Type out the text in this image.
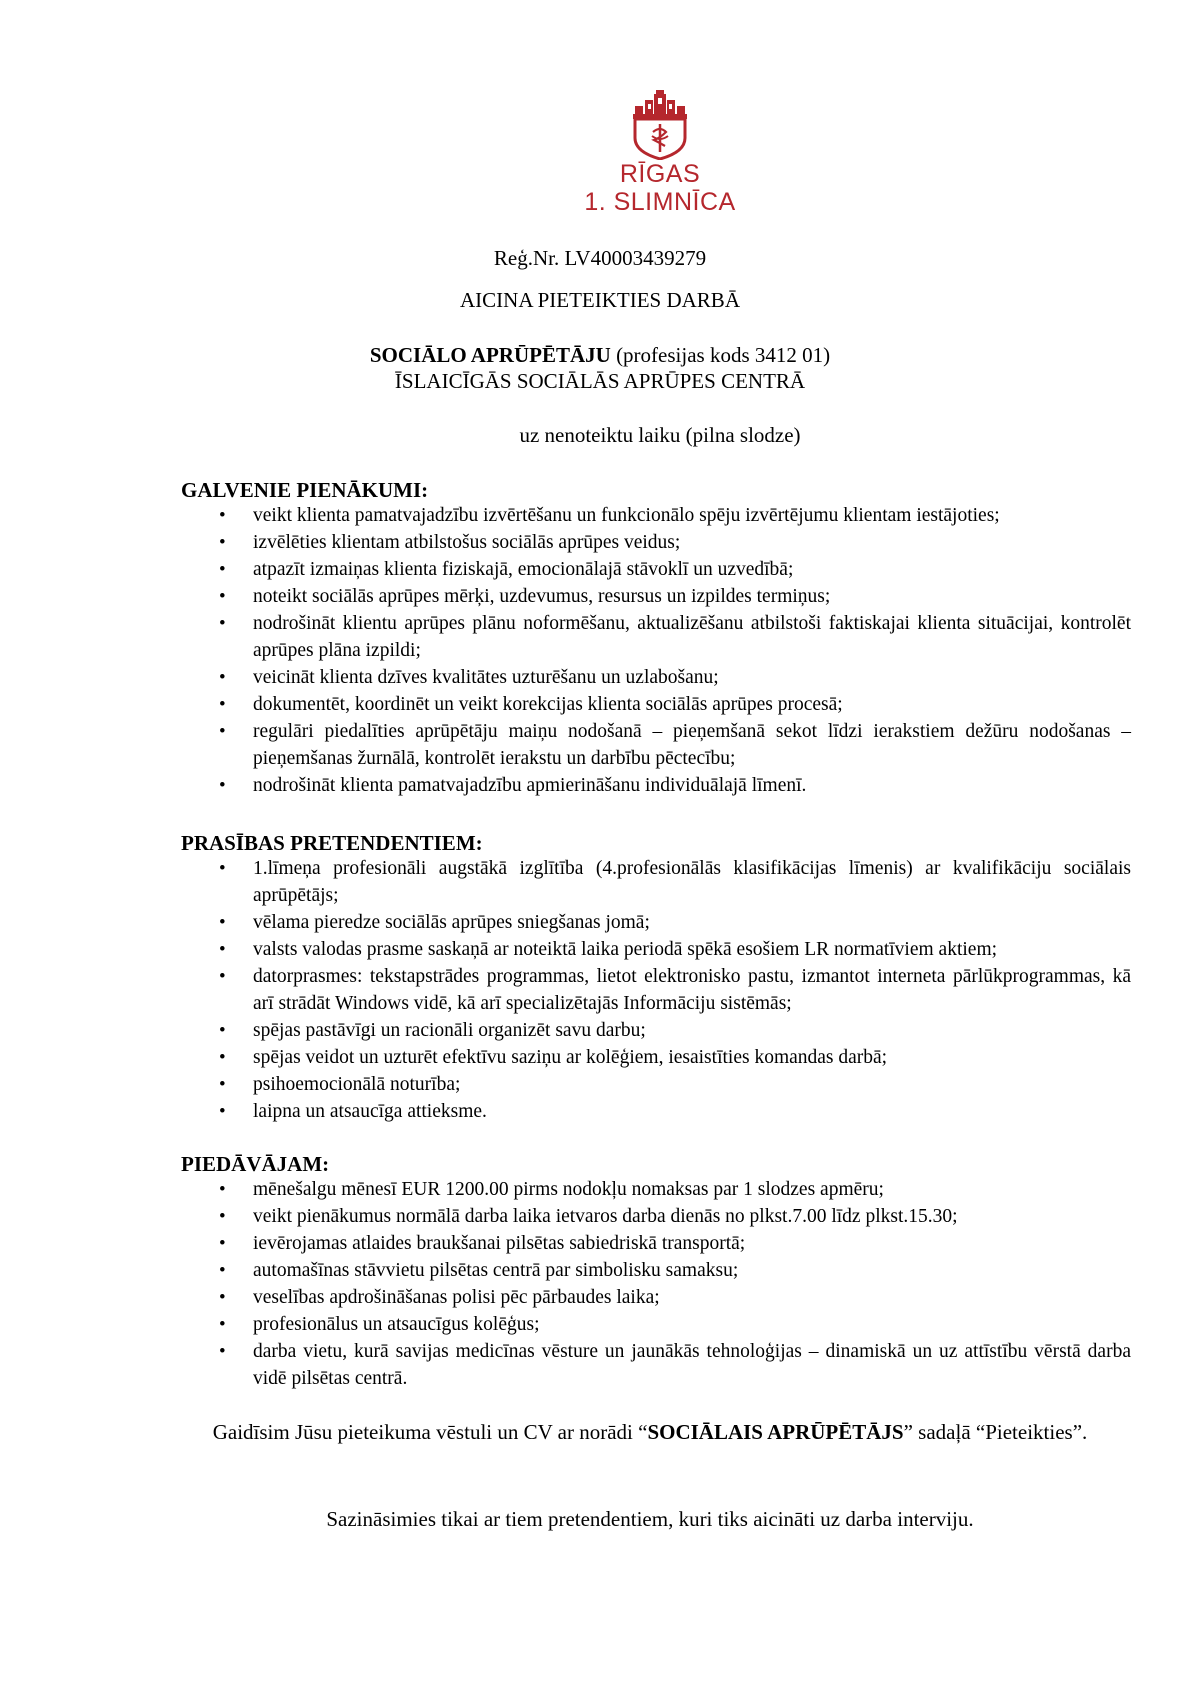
RĪGAS
1. SLIMNĪCA
Reģ.Nr. LV40003439279
AICINA PIETEIKTIES DARBĀ
SOCIĀLO APRŪPĒTĀJU (profesijas kods 3412 01)
ĪSLAICĪGĀS SOCIĀLĀS APRŪPES CENTRĀ
uz nenoteiktu laiku (pilna slodze)
GALVENIE PIENĀKUMI:
• veikt klienta pamatvajadzību izvērtēšanu un funkcionālo spēju izvērtējumu klientam iestājoties;
• izvēlēties klientam atbilstošus sociālās aprūpes veidus;
• atpazīt izmaiņas klienta fiziskajā, emocionālajā stāvoklī un uzvedībā;
• noteikt sociālās aprūpes mērķi, uzdevumus, resursus un izpildes termiņus;
• nodrošināt klientu aprūpes plānu noformēšanu, aktualizēšanu atbilstoši faktiskajai klienta situācijai, kontrolēt aprūpes plāna izpildi;
• veicināt klienta dzīves kvalitātes uzturēšanu un uzlabošanu;
• dokumentēt, koordinēt un veikt korekcijas klienta sociālās aprūpes procesā;
• regulāri piedalīties aprūpētāju maiņu nodošanā – pieņemšanā sekot līdzi ierakstiem dežūru nodošanas – pieņemšanas žurnālā, kontrolēt ierakstu un darbību pēctecību;
• nodrošināt klienta pamatvajadzību apmierināšanu individuālajā līmenī.
PRASĪBAS PRETENDENTIEM:
• 1.līmeņa profesionāli augstākā izglītība (4.profesionālās klasifikācijas līmenis) ar kvalifikāciju sociālais aprūpētājs;
• vēlama pieredze sociālās aprūpes sniegšanas jomā;
• valsts valodas prasme saskaņā ar noteiktā laika periodā spēkā esošiem LR normatīviem aktiem;
• datorprasmes: tekstapstrādes programmas, lietot elektronisko pastu, izmantot interneta pārlūkprogrammas, kā arī strādāt Windows vidē, kā arī specializētajās Informāciju sistēmās;
• spējas pastāvīgi un racionāli organizēt savu darbu;
• spējas veidot un uzturēt efektīvu saziņu ar kolēģiem, iesaistīties komandas darbā;
• psihoemocionālā noturība;
• laipna un atsaucīga attieksme.
PIEDĀVĀJAM:
• mēnešalgu mēnesī EUR 1200.00 pirms nodokļu nomaksas par 1 slodzes apmēru;
• veikt pienākumus normālā darba laika ietvaros darba dienās no plkst.7.00 līdz plkst.15.30;
• ievērojamas atlaides braukšanai pilsētas sabiedriskā transportā;
• automašīnas stāvvietu pilsētas centrā par simbolisku samaksu;
• veselības apdrošināšanas polisi pēc pārbaudes laika;
• profesionālus un atsaucīgus kolēģus;
• darba vietu, kurā savijas medicīnas vēsture un jaunākās tehnoloģijas – dinamiskā un uz attīstību vērstā darba vidē pilsētas centrā.
Gaidīsim Jūsu pieteikuma vēstuli un CV ar norādi “SOCIĀLAIS APRŪPĒTĀJS” sadaļā “Pieteikties”.
Sazināsimies tikai ar tiem pretendentiem, kuri tiks aicināti uz darba interviju.
